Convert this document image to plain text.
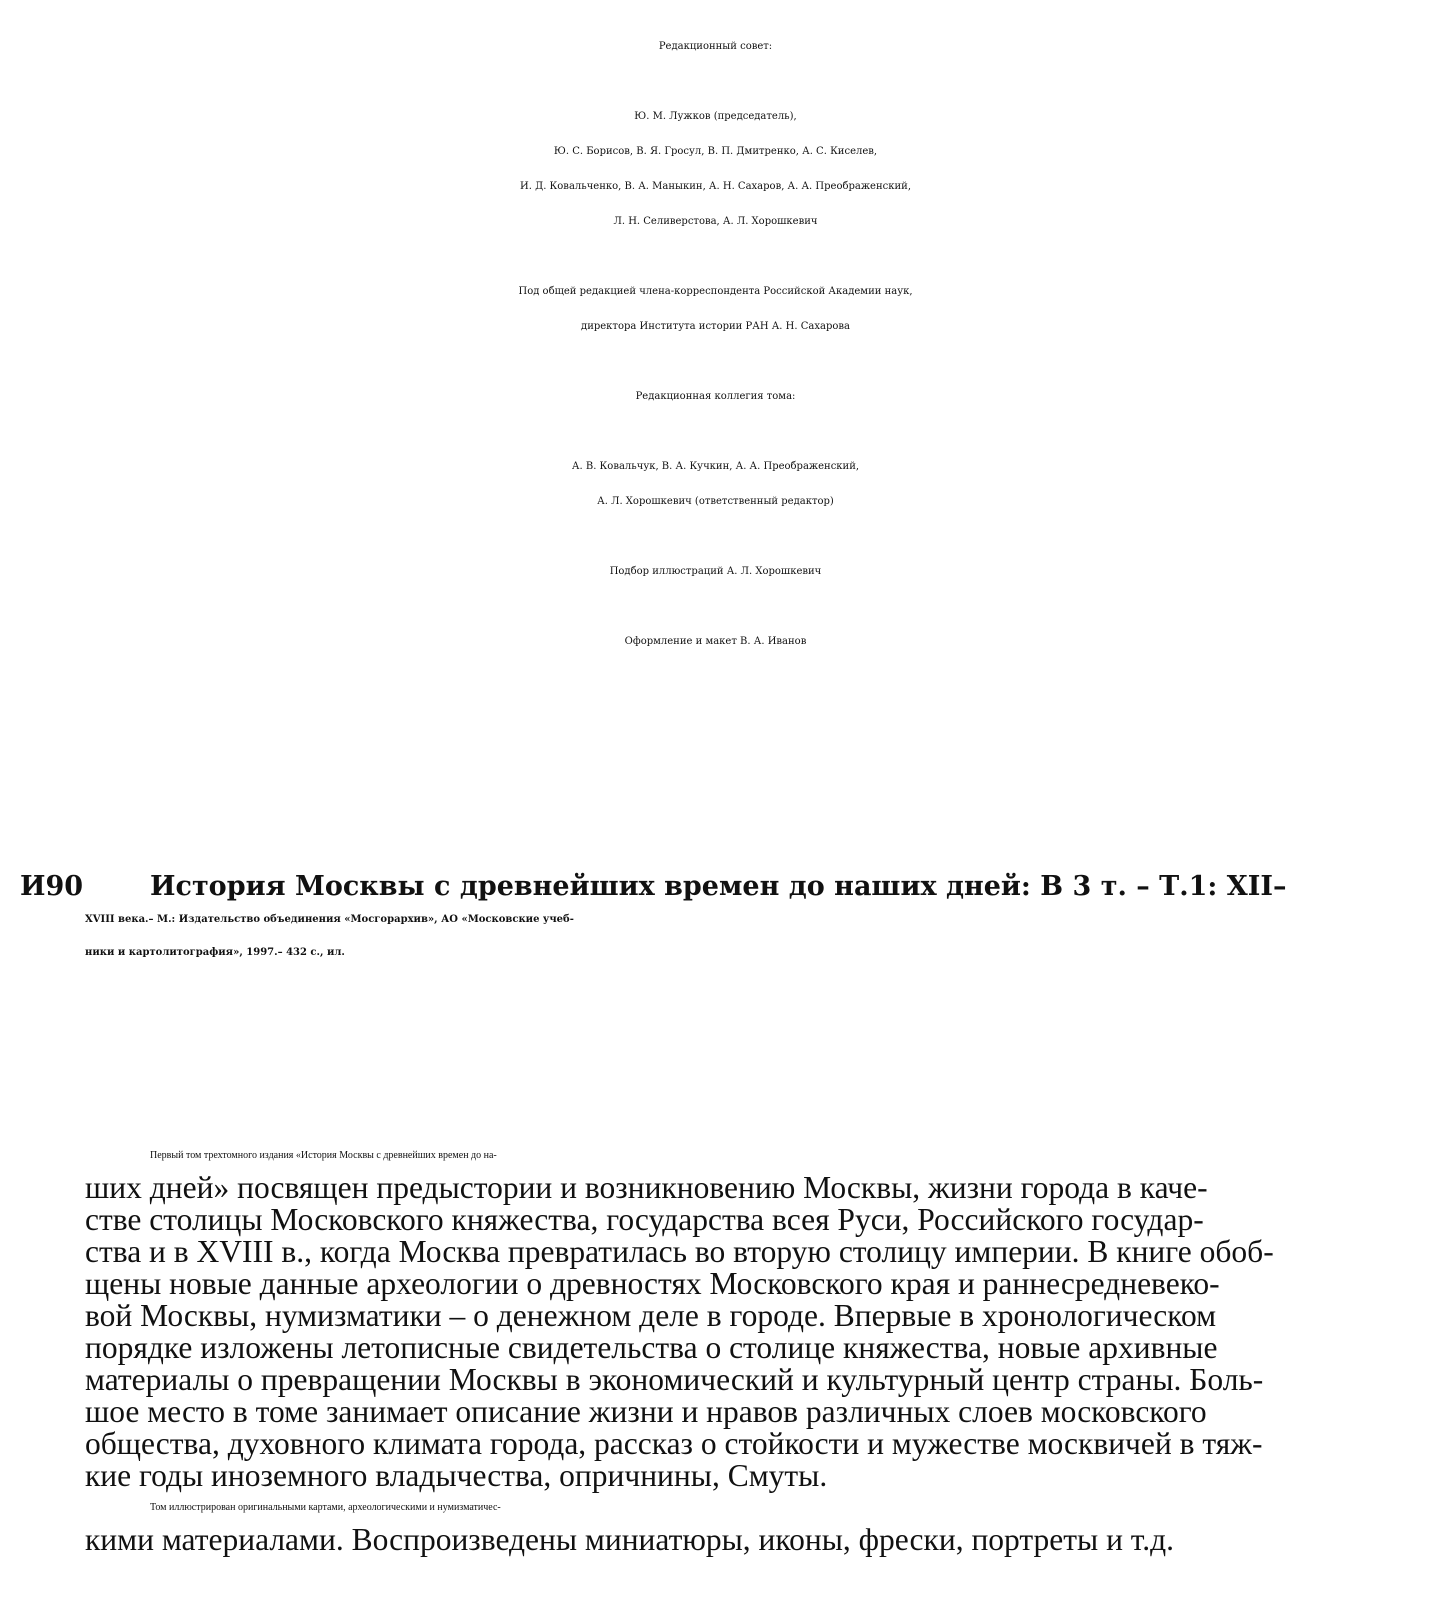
Редакционный совет:
Ю. М. Лужков (председатель),
Ю. С. Борисов, В. Я. Гросул, В. П. Дмитренко, А. С. Киселев,
И. Д. Ковальченко, В. А. Маныкин, А. Н. Сахаров, А. А. Преображенский,
Л. Н. Селиверстова, А. Л. Хорошкевич
Под общей редакцией члена-корреспондента Российской Академии наук,
директора Института истории РАН А. Н. Сахарова
Редакционная коллегия тома:
А. В. Ковальчук, В. А. Кучкин, А. А. Преображенский,
А. Л. Хорошкевич (ответственный редактор)
Подбор иллюстраций А. Л. Хорошкевич
Оформление и макет В. А. Иванов
И90 История Москвы с древнейших времен до наших дней: В 3 т. – Т.1: XII–
XVIII века.– М.: Издательство объединения «Мосгорархив», АО «Московские учеб-
ники и картолитография», 1997.– 432 с., ил.
Первый том трехтомного издания «История Москвы с древнейших времен до на-
ших дней» посвящен предыстории и возникновению Москвы, жизни города в каче-
стве столицы Московского княжества, государства всея Руси, Российского государ-
ства и в XVIII в., когда Москва превратилась во вторую столицу империи. В книге обоб-
щены новые данные археологии о древностях Московского края и раннесредневеко-
вой Москвы, нумизматики – о денежном деле в городе. Впервые в хронологическом
порядке изложены летописные свидетельства о столице княжества, новые архивные
материалы о превращении Москвы в экономический и культурный центр страны. Боль-
шое место в томе занимает описание жизни и нравов различных слоев московского
общества, духовного климата города, рассказ о стойкости и мужестве москвичей в тяж-
кие годы иноземного владычества, опричнины, Смуты.
Том иллюстрирован оригинальными картами, археологическими и нумизматичес-
кими материалами. Воспроизведены миниатюры, иконы, фрески, портреты и т.д.
